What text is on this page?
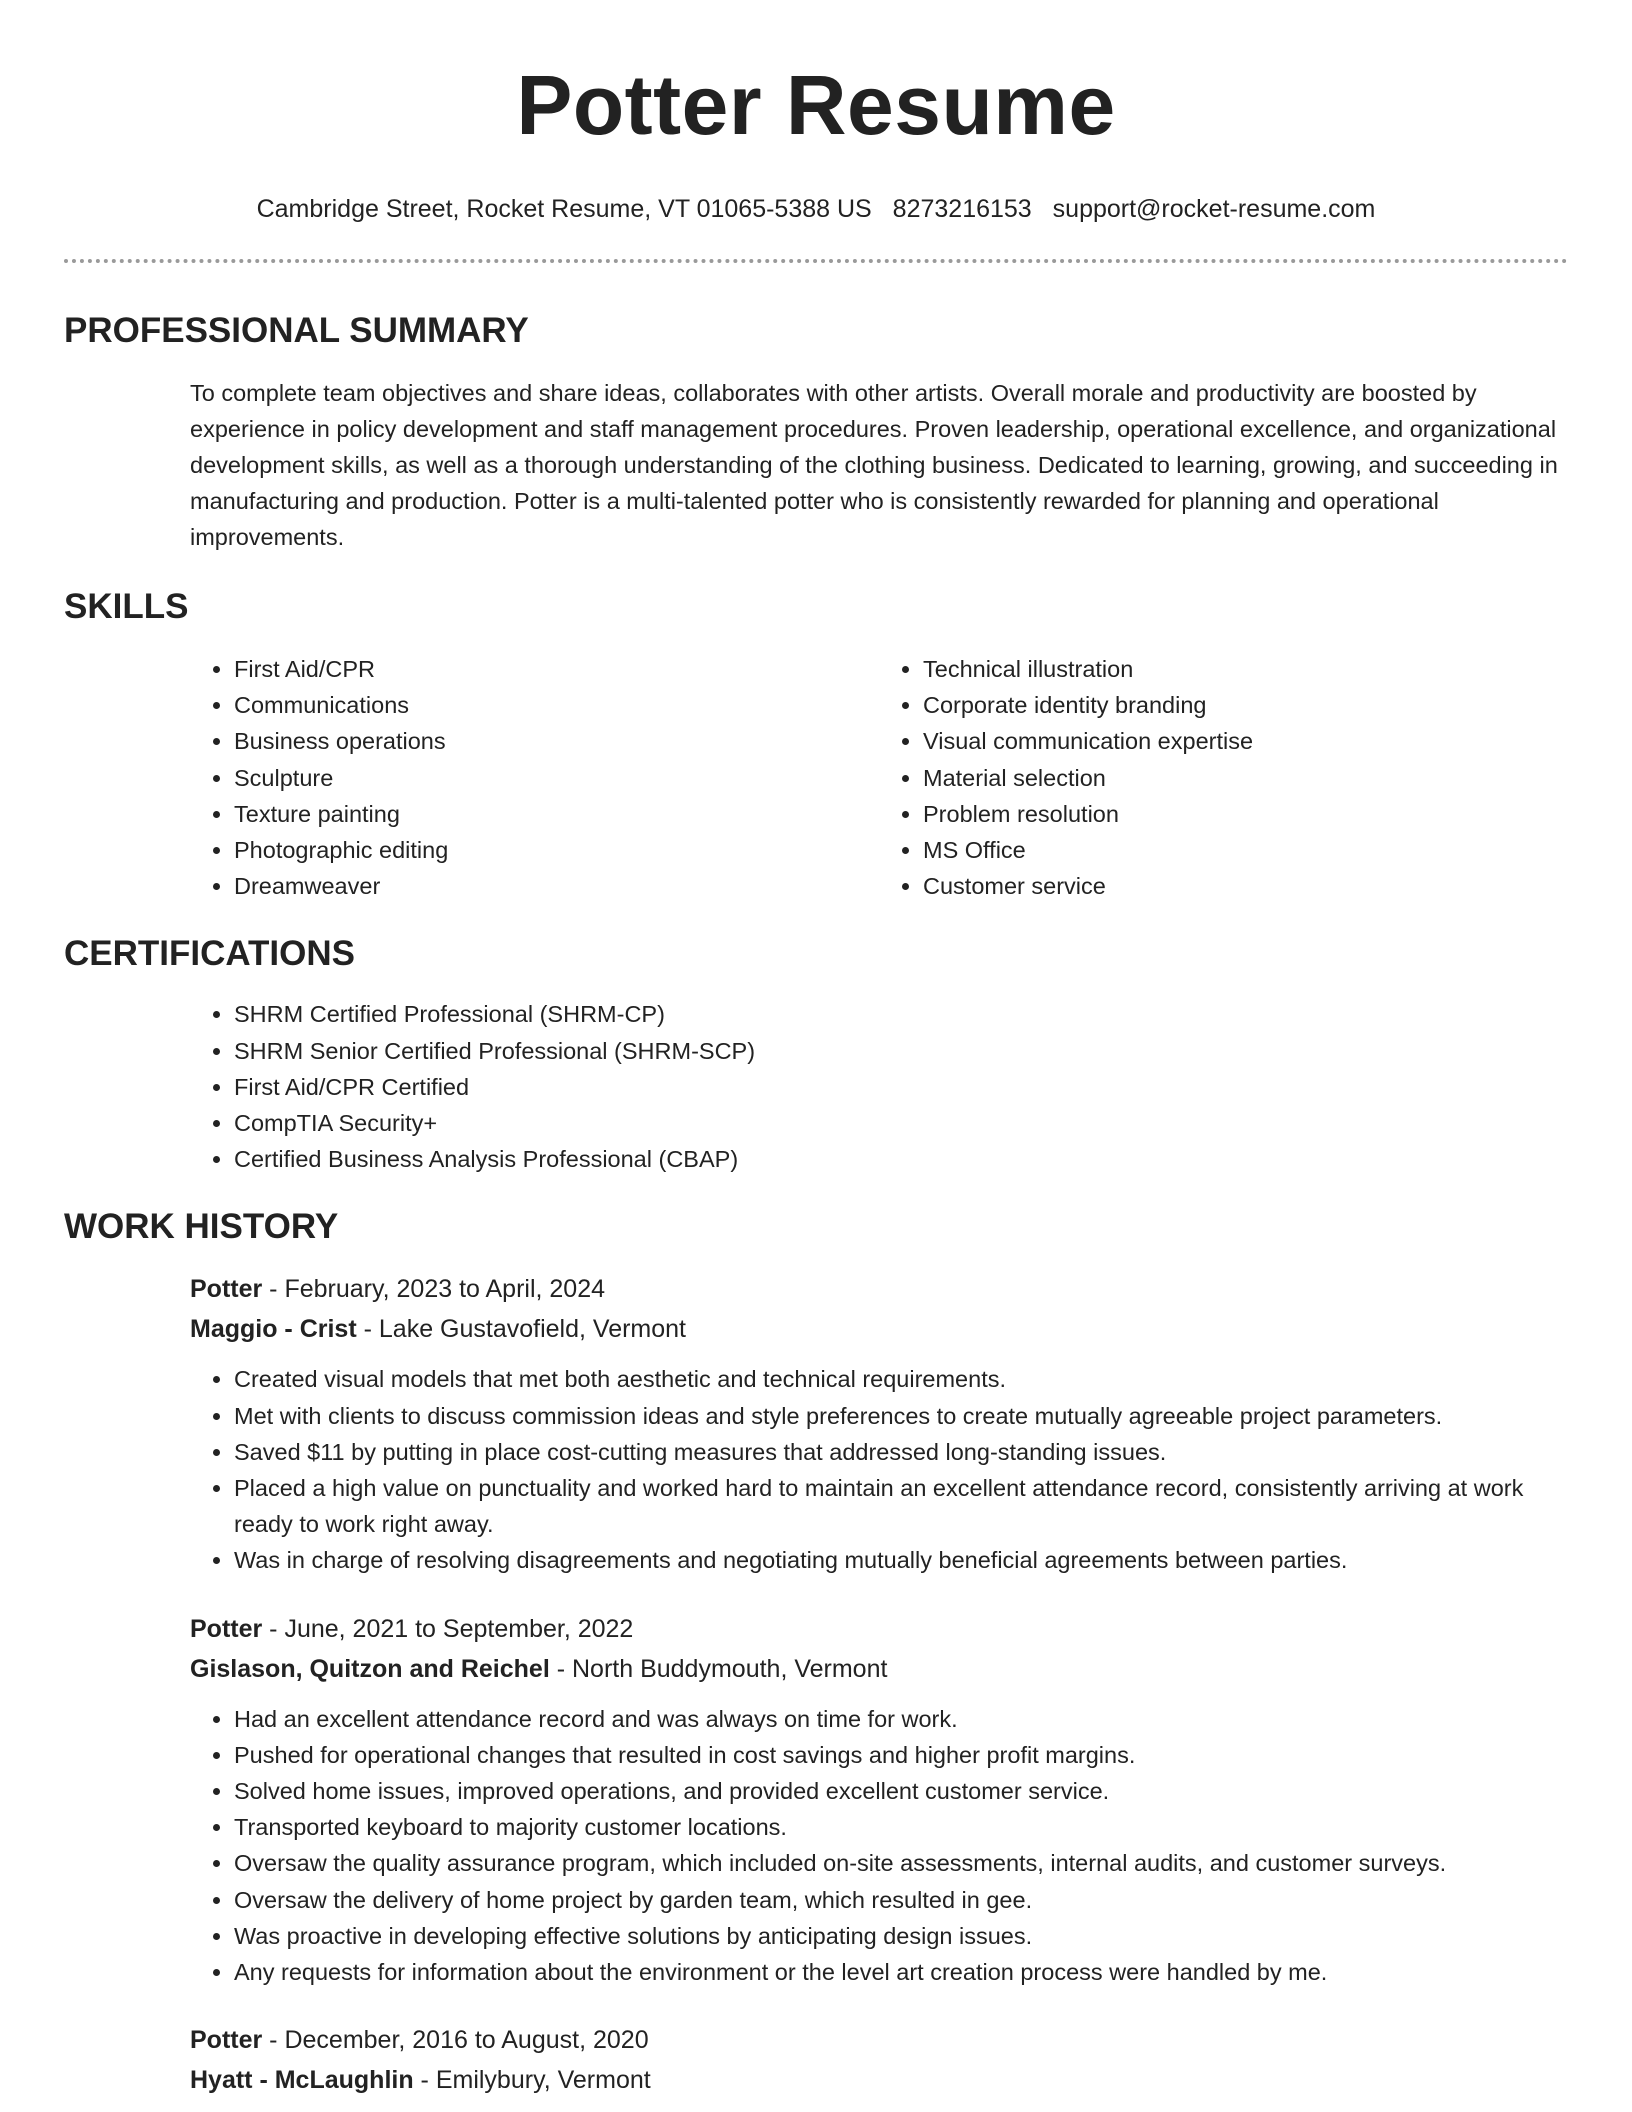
Potter Resume
Cambridge Street, Rocket Resume, VT 01065-5388 US 8273216153 support@rocket-resume.com
PROFESSIONAL SUMMARY
To complete team objectives and share ideas, collaborates with other artists. Overall morale and productivity are boosted by experience in policy development and staff management procedures. Proven leadership, operational excellence, and organizational development skills, as well as a thorough understanding of the clothing business. Dedicated to learning, growing, and succeeding in manufacturing and production. Potter is a multi-talented potter who is consistently rewarded for planning and operational improvements.
SKILLS
• First Aid/CPR
• Communications
• Business operations
• Sculpture
• Texture painting
• Photographic editing
• Dreamweaver
• Technical illustration
• Corporate identity branding
• Visual communication expertise
• Material selection
• Problem resolution
• MS Office
• Customer service
CERTIFICATIONS
• SHRM Certified Professional (SHRM-CP)
• SHRM Senior Certified Professional (SHRM-SCP)
• First Aid/CPR Certified
• CompTIA Security+
• Certified Business Analysis Professional (CBAP)
WORK HISTORY
Potter - February, 2023 to April, 2024
Maggio - Crist - Lake Gustavofield, Vermont
• Created visual models that met both aesthetic and technical requirements.
• Met with clients to discuss commission ideas and style preferences to create mutually agreeable project parameters.
• Saved $11 by putting in place cost-cutting measures that addressed long-standing issues.
• Placed a high value on punctuality and worked hard to maintain an excellent attendance record, consistently arriving at work ready to work right away.
• Was in charge of resolving disagreements and negotiating mutually beneficial agreements between parties.
Potter - June, 2021 to September, 2022
Gislason, Quitzon and Reichel - North Buddymouth, Vermont
• Had an excellent attendance record and was always on time for work.
• Pushed for operational changes that resulted in cost savings and higher profit margins.
• Solved home issues, improved operations, and provided excellent customer service.
• Transported keyboard to majority customer locations.
• Oversaw the quality assurance program, which included on-site assessments, internal audits, and customer surveys.
• Oversaw the delivery of home project by garden team, which resulted in gee.
• Was proactive in developing effective solutions by anticipating design issues.
• Any requests for information about the environment or the level art creation process were handled by me.
Potter - December, 2016 to August, 2020
Hyatt - McLaughlin - Emilybury, Vermont
